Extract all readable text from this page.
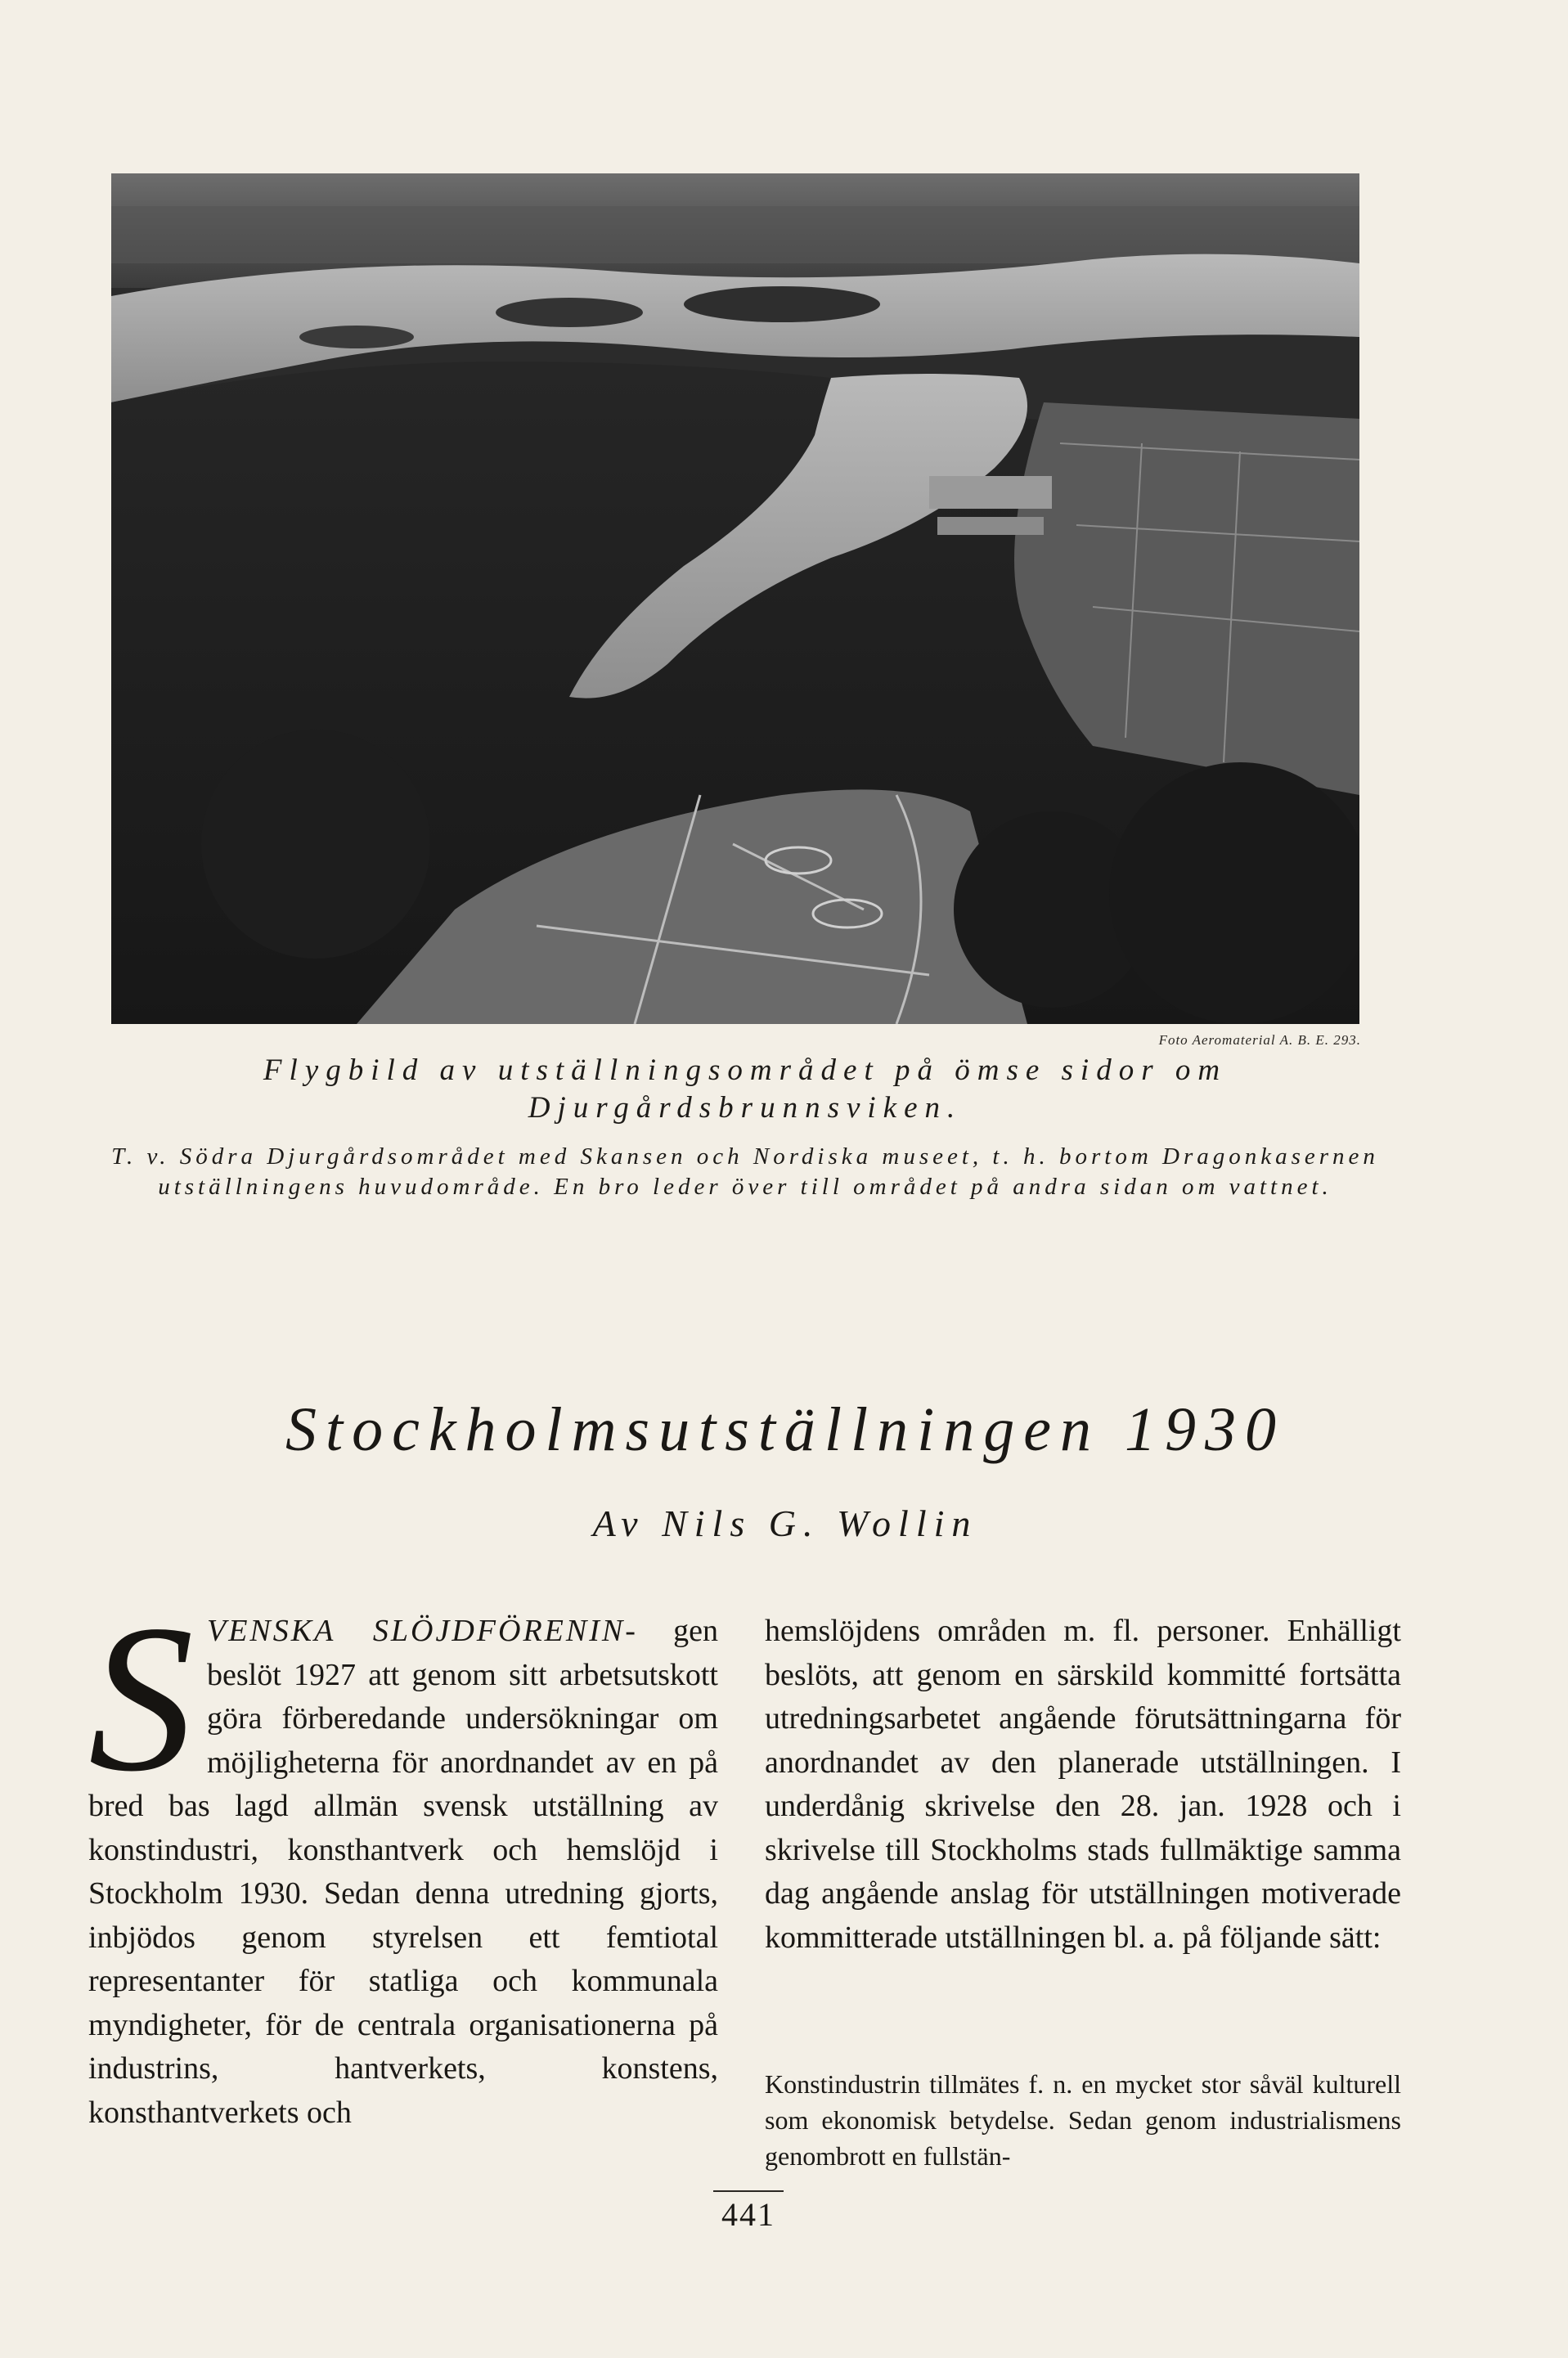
Foto Aeromaterial A. B. E. 293.

Flygbild av utställningsområdet på ömse sidor om Djurgårdsbrunnsviken.

T. v. Södra Djurgårdsområdet med Skansen och Nordiska museet, t. h. bortom Dragonkasernen utställningens huvudområde. En bro leder över till området på andra sidan om vattnet.

Stockholmsutställningen 1930
Av Nils G. Wollin

SVENSKA SLÖJDFÖRENIN- gen beslöt 1927 att genom sitt arbetsutskott göra förberedande undersökningar om möjligheterna för anordnandet av en på bred bas lagd allmän svensk utställning av konstindustri, konsthantverk och hemslöjd i Stockholm 1930. Sedan denna utredning gjorts, inbjödos genom styrelsen ett femtiotal representanter för statliga och kommunala myndigheter, för de centrala organisationerna på industrins, hantverkets, konstens, konsthantverkets och

hemslöjdens områden m. fl. personer. Enhälligt beslöts, att genom en särskild kommitté fortsätta utredningsarbetet angående förutsättningarna för anordnandet av den planerade utställningen. I underdånig skrivelse den 28. jan. 1928 och i skrivelse till Stockholms stads fullmäktige samma dag angående anslag för utställningen motiverade kommitterade utställningen bl. a. på följande sätt:

Konstindustrin tillmätes f. n. en mycket stor såväl kulturell som ekonomisk betydelse. Sedan genom industrialismens genombrott en fullstän-

441
